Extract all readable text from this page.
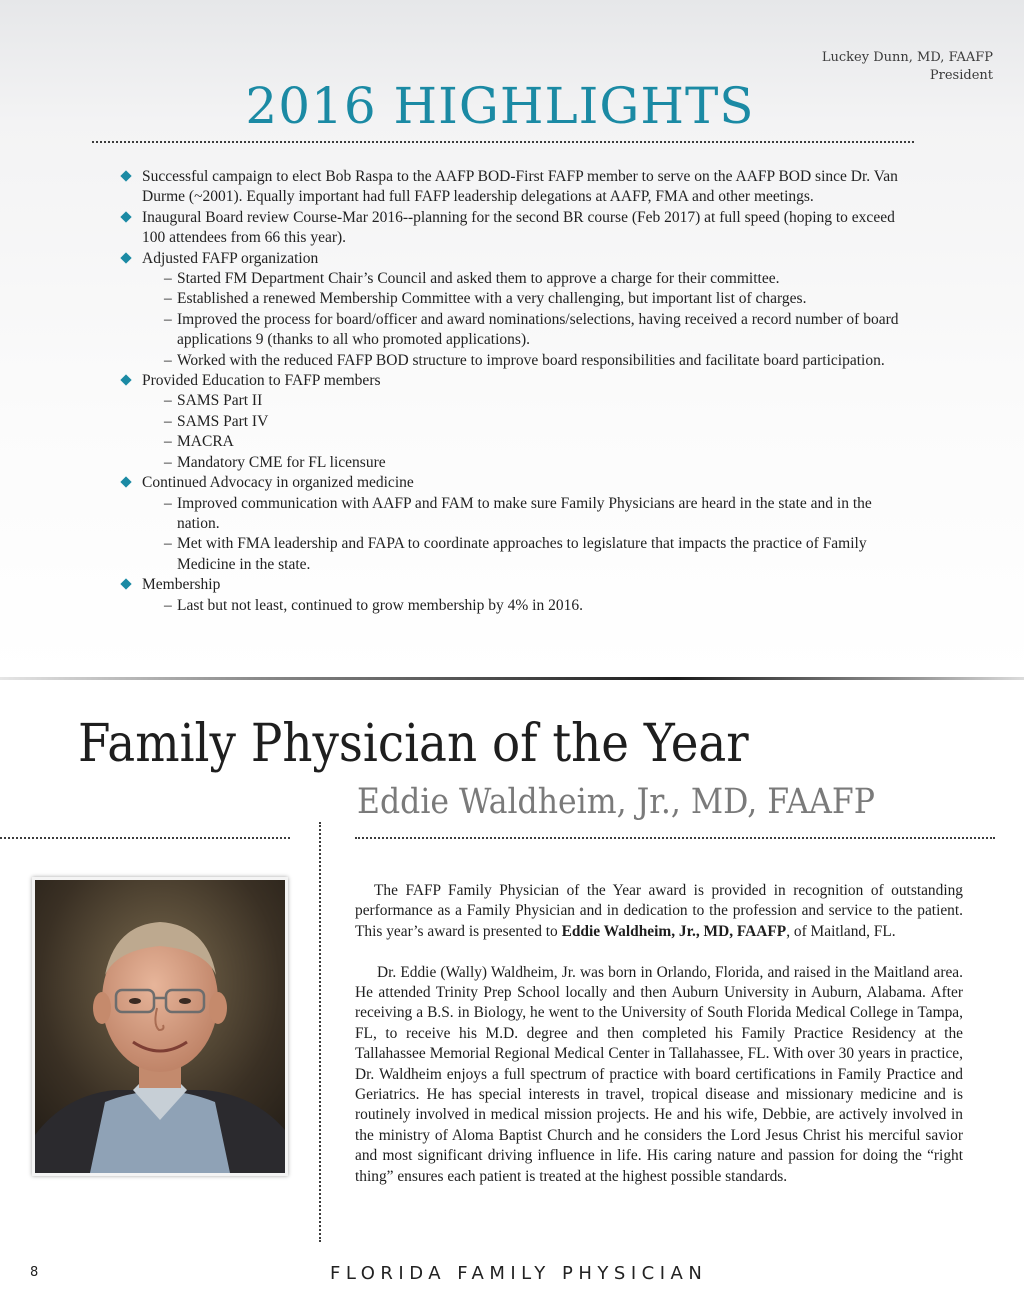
Luckey Dunn, MD, FAAFP
President
2016 HIGHLIGHTS
Successful campaign to elect Bob Raspa to the AAFP BOD-First FAFP member to serve on the AAFP BOD since Dr. Van Durme (~2001). Equally important had full FAFP leadership delegations at AAFP, FMA and other meetings.
Inaugural Board review Course-Mar 2016--planning for the second BR course (Feb 2017) at full speed (hoping to exceed 100 attendees from 66 this year).
Adjusted FAFP organization
– Started FM Department Chair’s Council and asked them to approve a charge for their committee.
– Established a renewed Membership Committee with a very challenging, but important list of charges.
– Improved the process for board/officer and award nominations/selections, having received a record number of board applications 9 (thanks to all who promoted applications).
– Worked with the reduced FAFP BOD structure to improve board responsibilities and facilitate board participation.
Provided Education to FAFP members
– SAMS Part II
– SAMS Part IV
– MACRA
– Mandatory CME for FL licensure
Continued Advocacy in organized medicine
– Improved communication with AAFP and FAM to make sure Family Physicians are heard in the state and in the nation.
– Met with FMA leadership and FAPA to coordinate approaches to legislature that impacts the practice of Family Medicine in the state.
Membership
– Last but not least, continued to grow membership by 4% in 2016.
Family Physician of the Year
Eddie Waldheim, Jr., MD, FAAFP

The FAFP Family Physician of the Year award is provided in recognition of outstanding performance as a Family Physician and in dedication to the profession and service to the patient. This year’s award is presented to Eddie Waldheim, Jr., MD, FAAFP, of Maitland, FL.

Dr. Eddie (Wally) Waldheim, Jr. was born in Orlando, Florida, and raised in the Maitland area. He attended Trinity Prep School locally and then Auburn University in Auburn, Alabama. After receiving a B.S. in Biology, he went to the University of South Florida Medical College in Tampa, FL, to receive his M.D. degree and then completed his Family Practice Residency at the Tallahassee Memorial Regional Medical Center in Tallahassee, FL. With over 30 years in practice, Dr. Waldheim enjoys a full spectrum of practice with board certifications in Family Practice and Geriatrics. He has special interests in travel, tropical disease and missionary medicine and is routinely involved in medical mission projects. He and his wife, Debbie, are actively involved in the ministry of Aloma Baptist Church and he considers the Lord Jesus Christ his merciful savior and most significant driving influence in life. His caring nature and passion for doing the “right thing” ensures each patient is treated at the highest possible standards.

8	FLORIDA FAMILY PHYSICIAN
